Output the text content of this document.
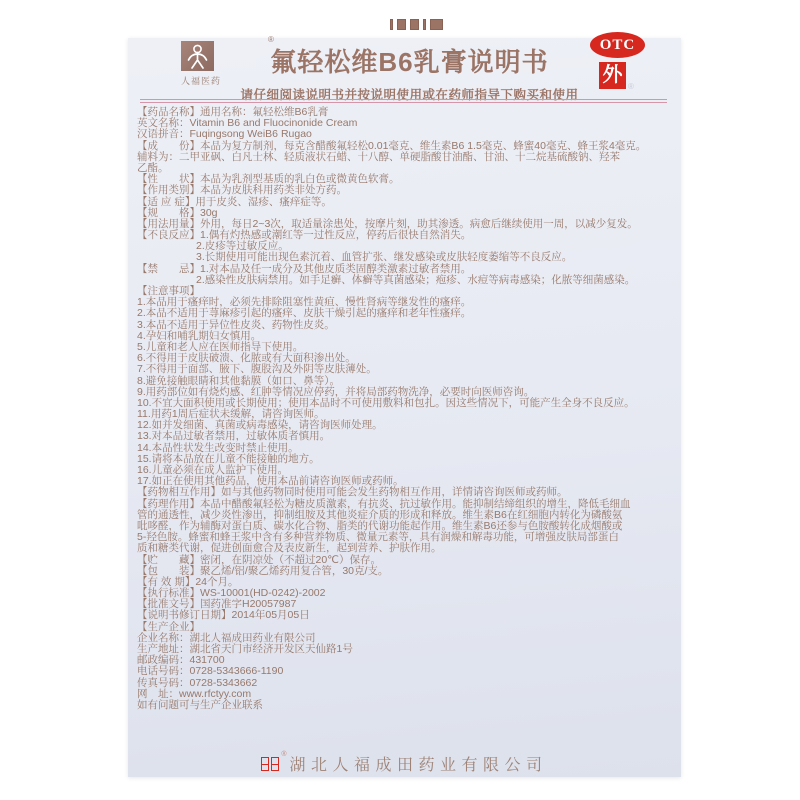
®
人福医药
氟轻松维B6乳膏说明书
请仔细阅读说明书并按说明使用或在药师指导下购买和使用
OTC
外
®
【药品名称】通用名称：氟轻松维B6乳膏
英文名称：Vitamin B6 and Fluocinonide Cream
汉语拼音：Fuqingsong WeiB6 Rugao
【成　　份】本品为复方制剂，每克含醋酸氟轻松0.01毫克、维生素B6 1.5毫克、蜂蜜40毫克、蜂王浆4毫克。
辅料为：二甲亚砜、白凡士林、轻质液状石蜡、十八醇、单硬脂酸甘油酯、甘油、十二烷基硫酸钠、羟苯
乙酯。
【性　　状】本品为乳剂型基质的乳白色或微黄色软膏。
【作用类别】本品为皮肤科用药类非处方药。
【适 应 症】用于皮炎、湿疹、瘙痒症等。
【规　　格】30g
【用法用量】外用，每日2~3次，取适量涂患处，按摩片刻，助其渗透。病愈后继续使用一周，以减少复发。
【不良反应】1.偶有灼热感或潮红等一过性反应，停药后很快自然消失。
2.皮疹等过敏反应。
3.长期使用可能出现色素沉着、血管扩张、继发感染或皮肤轻度萎缩等不良反应。
【禁　　忌】1.对本品及任一成分及其他皮质类固醇类激素过敏者禁用。
2.感染性皮肤病禁用。如手足癣、体癣等真菌感染；疱疹、水痘等病毒感染；化脓等细菌感染。
【注意事项】
1.本品用于瘙痒时，必须先排除阻塞性黄疸、慢性肾病等继发性的瘙痒。
2.本品不适用于荨麻疹引起的瘙痒、皮肤干燥引起的瘙痒和老年性瘙痒。
3.本品不适用于异位性皮炎、药物性皮炎。
4.孕妇和哺乳期妇女慎用。
5.儿童和老人应在医师指导下使用。
6.不得用于皮肤破溃、化脓或有大面积渗出处。
7.不得用于面部、腋下、腹股沟及外阴等皮肤薄处。
8.避免接触眼睛和其他黏膜（如口、鼻等）。
9.用药部位如有烧灼感、红肿等情况应停药，并将局部药物洗净，必要时向医师咨询。
10.不宜大面积使用或长期使用；使用本品时不可使用敷料和包扎。因这些情况下，可能产生全身不良反应。
11.用药1周后症状未缓解，请咨询医师。
12.如并发细菌、真菌或病毒感染，请咨询医师处理。
13.对本品过敏者禁用，过敏体质者慎用。
14.本品性状发生改变时禁止使用。
15.请将本品放在儿童不能接触的地方。
16.儿童必须在成人监护下使用。
17.如正在使用其他药品，使用本品前请咨询医师或药师。
【药物相互作用】如与其他药物同时使用可能会发生药物相互作用，详情请咨询医师或药师。
【药理作用】本品中醋酸氟轻松为糖皮质激素，有抗炎、抗过敏作用。能抑制结缔组织的增生，降低毛细血
管的通透性，减少炎性渗出，抑制组胺及其他炎症介质的形成和释放。维生素B6在红细胞内转化为磷酸氨
吡哆醛，作为辅酶对蛋白质、碳水化合物、脂类的代谢功能起作用。维生素B6还参与色胺酸转化成烟酸或
5-羟色胺。蜂蜜和蜂王浆中含有多种营养物质、微量元素等，具有润燥和解毒功能，可增强皮肤局部蛋白
质和糖类代谢，促进创面愈合及表皮新生，起到营养、护肤作用。
【贮　　藏】密闭，在阴凉处（不超过20℃）保存。
【包　　装】聚乙烯/铝/聚乙烯药用复合管，30克/支。
【有 效 期】24个月。
【执行标准】WS-10001(HD-0242)-2002
【批准文号】国药准字H20057987
【说明书修订日期】2014年05月05日
【生产企业】
企业名称：湖北人福成田药业有限公司
生产地址：湖北省天门市经济开发区天仙路1号
邮政编码：431700
电话号码：0728-5343666-1190
传真号码：0728-5343662
网　址：www.rfctyy.com
如有问题可与生产企业联系
®
湖北人福成田药业有限公司
